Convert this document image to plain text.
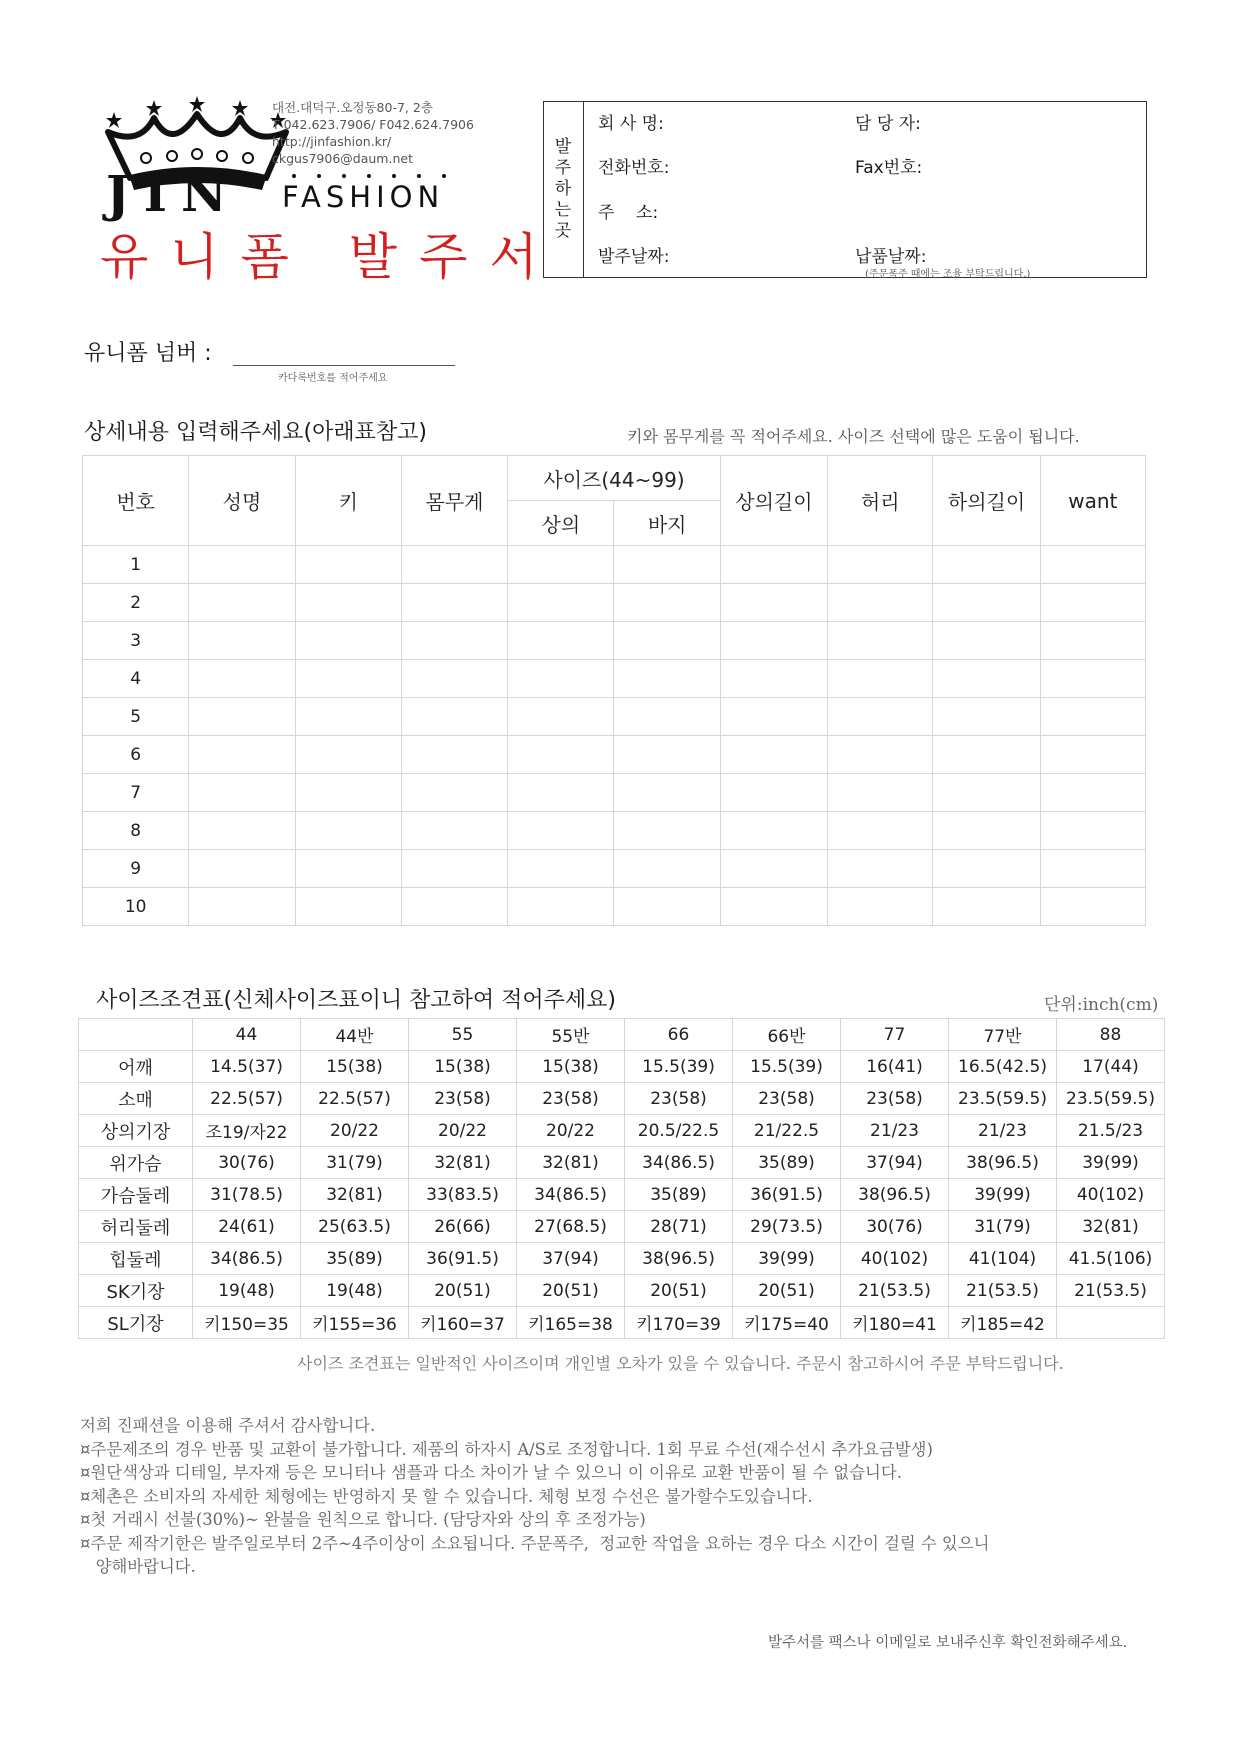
대전.대덕구.오정동80-7, 2층
T 042.623.7906/ F042.624.7906
http://jinfashion.kr/
ckgus7906@daum.net
JIN FASHION
유니폼 발주서
발
주
하
는
곳
회 사 명:	담 당 자:
전화번호:	Fax번호:
주    소:
발주날짜:	납품날짜:
(주문폭주 때에는 조율 부탁드립니다.)
유니폼 넘버 :
카다록번호를 적어주세요
상세내용 입력해주세요(아래표참고)	키와 몸무게를 꼭 적어주세요. 사이즈 선택에 많은 도움이 됩니다.
번호	성명	키	몸무게	사이즈(44~99)		상의길이	허리	하의길이	want
				상의	바지				
1									
2									
3									
4									
5									
6									
7									
8									
9									
10									
사이즈조견표(신체사이즈표이니 참고하여 적어주세요)	단위:inch(cm)
	44	44반	55	55반	66	66반	77	77반	88
어깨	14.5(37)	15(38)	15(38)	15(38)	15.5(39)	15.5(39)	16(41)	16.5(42.5)	17(44)
소매	22.5(57)	22.5(57)	23(58)	23(58)	23(58)	23(58)	23(58)	23.5(59.5)	23.5(59.5)
상의기장	조19/자22	20/22	20/22	20/22	20.5/22.5	21/22.5	21/23	21/23	21.5/23
위가슴	30(76)	31(79)	32(81)	32(81)	34(86.5)	35(89)	37(94)	38(96.5)	39(99)
가슴둘레	31(78.5)	32(81)	33(83.5)	34(86.5)	35(89)	36(91.5)	38(96.5)	39(99)	40(102)
허리둘레	24(61)	25(63.5)	26(66)	27(68.5)	28(71)	29(73.5)	30(76)	31(79)	32(81)
힙둘레	34(86.5)	35(89)	36(91.5)	37(94)	38(96.5)	39(99)	40(102)	41(104)	41.5(106)
SK기장	19(48)	19(48)	20(51)	20(51)	20(51)	20(51)	21(53.5)	21(53.5)	21(53.5)
SL기장	키150=35	키155=36	키160=37	키165=38	키170=39	키175=40	키180=41	키185=42	
사이즈 조견표는 일반적인 사이즈이며 개인별 오차가 있을 수 있습니다. 주문시 참고하시어 주문 부탁드립니다.
저희 진패션을 이용해 주셔서 감사합니다.
¤주문제조의 경우 반품 및 교환이 불가합니다. 제품의 하자시 A/S로 조정합니다. 1회 무료 수선(재수선시 추가요금발생)
¤원단색상과 디테일, 부자재 등은 모니터나 샘플과 다소 차이가 날 수 있으니 이 이유로 교환 반품이 될 수 없습니다.
¤체촌은 소비자의 자세한 체형에는 반영하지 못 할 수 있습니다. 체형 보정 수선은 불가할수도있습니다.
¤첫 거래시 선불(30%)~ 완불을 원칙으로 합니다. (담당자와 상의 후 조정가능)
¤주문 제작기한은 발주일로부터 2주~4주이상이 소요됩니다. 주문폭주,  정교한 작업을 요하는 경우 다소 시간이 걸릴 수 있으니
양해바랍니다.
발주서를 팩스나 이메일로 보내주신후 확인전화해주세요.
